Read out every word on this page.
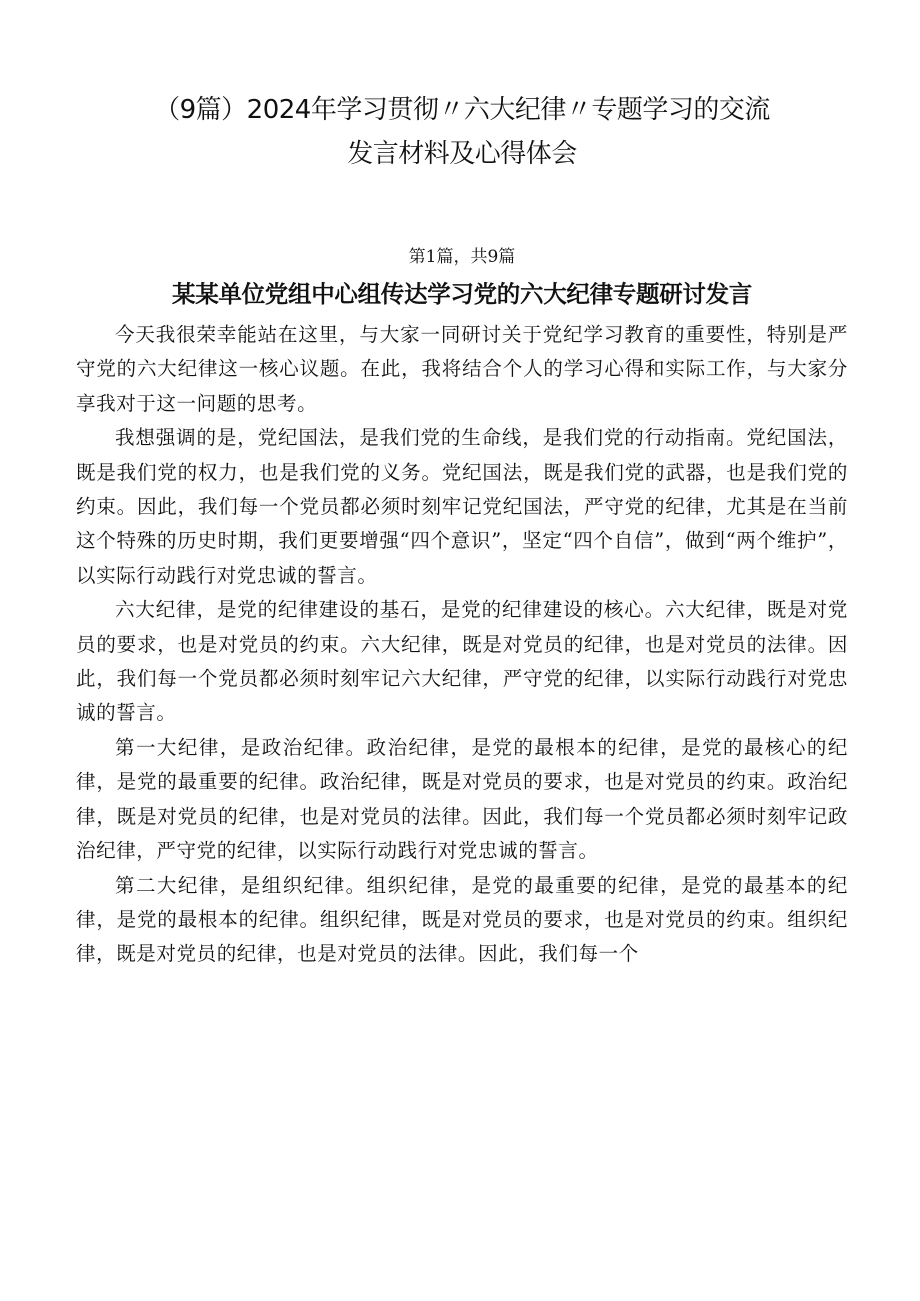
（9篇）2024年学习贯彻〃六大纪律〃专题学习的交流
发言材料及心得体会
第1篇，共9篇
某某单位党组中心组传达学习党的六大纪律专题研讨发言

今天我很荣幸能站在这里，与大家一同研讨关于党纪学习教育的重要性，特别是严守党的六大纪律这一核心议题。在此，我将结合个人的学习心得和实际工作，与大家分享我对于这一问题的思考。

我想强调的是，党纪国法，是我们党的生命线，是我们党的行动指南。党纪国法，既是我们党的权力，也是我们党的义务。党纪国法，既是我们党的武器，也是我们党的约束。因此，我们每一个党员都必须时刻牢记党纪国法，严守党的纪律，尤其是在当前这个特殊的历史时期，我们更要增强“四个意识”，坚定“四个自信”，做到“两个维护”，以实际行动践行对党忠诚的誓言。

六大纪律，是党的纪律建设的基石，是党的纪律建设的核心。六大纪律，既是对党员的要求，也是对党员的约束。六大纪律，既是对党员的纪律，也是对党员的法律。因此，我们每一个党员都必须时刻牢记六大纪律，严守党的纪律，以实际行动践行对党忠诚的誓言。

第一大纪律，是政治纪律。政治纪律，是党的最根本的纪律，是党的最核心的纪律，是党的最重要的纪律。政治纪律，既是对党员的要求，也是对党员的约束。政治纪律，既是对党员的纪律，也是对党员的法律。因此，我们每一个党员都必须时刻牢记政治纪律，严守党的纪律，以实际行动践行对党忠诚的誓言。

第二大纪律，是组织纪律。组织纪律，是党的最重要的纪律，是党的最基本的纪律，是党的最根本的纪律。组织纪律，既是对党员的要求，也是对党员的约束。组织纪律，既是对党员的纪律，也是对党员的法律。因此，我们每一个
